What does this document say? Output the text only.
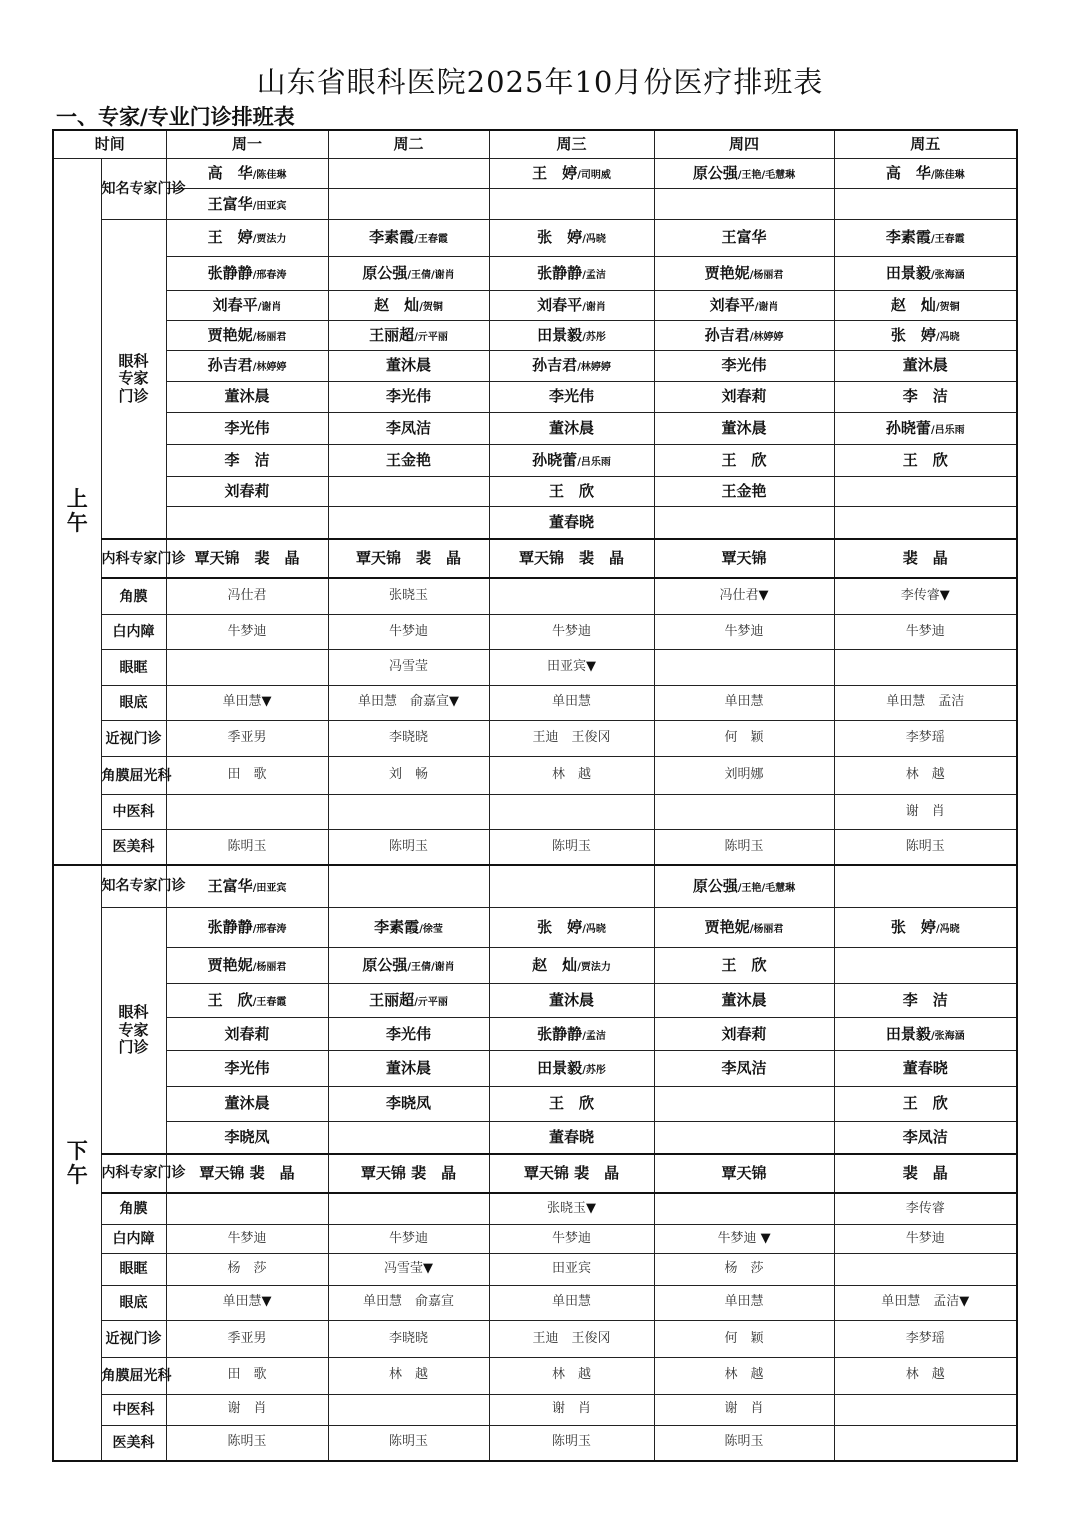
山东省眼科医院2025年10月份医疗排班表
一、专家/专业门诊排班表
时间		周一	周二	周三	周四	周五
上
午	知名专家门诊	高　华/陈佳琳		王　婷/司明威	原公强/王艳/毛慧琳	高　华/陈佳琳
		王富华/田亚宾				
	眼科
专家
门诊	王　婷/贾法力	李素霞/王春霞	张　婷/冯晓	王富华	李素霞/王春霞
		张静静/邢春涛	原公强/王倩/谢肖	张静静/孟洁	贾艳妮/杨丽君	田景毅/张海涵
		刘春平/谢肖	赵　灿/贺铜	刘春平/谢肖	刘春平/谢肖	赵　灿/贺铜
		贾艳妮/杨丽君	王丽超/亓平丽	田景毅/苏彤	孙吉君/林婷婷	张　婷/冯晓
		孙吉君/林婷婷	董沐晨	孙吉君/林婷婷	李光伟	董沐晨
		董沐晨	李光伟	李光伟	刘春莉	李　洁
		李光伟	李凤洁	董沐晨	董沐晨	孙晓蕾/吕乐雨
		李　洁	王金艳	孙晓蕾/吕乐雨	王　欣	王　欣
		刘春莉		王　欣	王金艳	
				董春晓		
	内科专家门诊	覃天锦　裴　晶	覃天锦　裴　晶	覃天锦　裴　晶	覃天锦	裴　晶
	角膜	冯仕君	张晓玉		冯仕君▼	李传睿▼
	白内障	牛梦迪	牛梦迪	牛梦迪	牛梦迪	牛梦迪
	眼眶		冯雪莹	田亚宾▼		
	眼底	单田慧▼	单田慧　俞嘉宣▼	单田慧	单田慧	单田慧　孟洁
	近视门诊	季亚男	李晓晓	王迪　王俊冈	何　颖	李梦瑶
	角膜屈光科	田　歌	刘　畅	林　越	刘明娜	林　越
	中医科					谢　肖
	医美科	陈明玉	陈明玉	陈明玉	陈明玉	陈明玉
下
午	知名专家门诊	王富华/田亚宾			原公强/王艳/毛慧琳	
	眼科
专家
门诊	张静静/邢春涛	李素霞/徐莹	张　婷/冯晓	贾艳妮/杨丽君	张　婷/冯晓
		贾艳妮/杨丽君	原公强/王倩/谢肖	赵　灿/贾法力	王　欣	
		王　欣/王春霞	王丽超/亓平丽	董沐晨	董沐晨	李　洁
		刘春莉	李光伟	张静静/孟洁	刘春莉	田景毅/张海涵
		李光伟	董沐晨	田景毅/苏彤	李凤洁	董春晓
		董沐晨	李晓凤	王　欣		王　欣
		李晓凤		董春晓		李凤洁
	内科专家门诊	覃天锦 裴　晶	覃天锦 裴　晶	覃天锦 裴　晶	覃天锦	裴　晶
	角膜			张晓玉▼		李传睿
	白内障	牛梦迪	牛梦迪	牛梦迪	牛梦迪 ▼	牛梦迪
	眼眶	杨　莎	冯雪莹▼	田亚宾	杨　莎	
	眼底	单田慧▼	单田慧　俞嘉宣	单田慧	单田慧	单田慧　孟洁▼
	近视门诊	季亚男	李晓晓	王迪　王俊冈	何　颖	李梦瑶
	角膜屈光科	田　歌	林　越	林　越	林　越	林　越
	中医科	谢　肖		谢　肖	谢　肖	
	医美科	陈明玉	陈明玉	陈明玉	陈明玉	
